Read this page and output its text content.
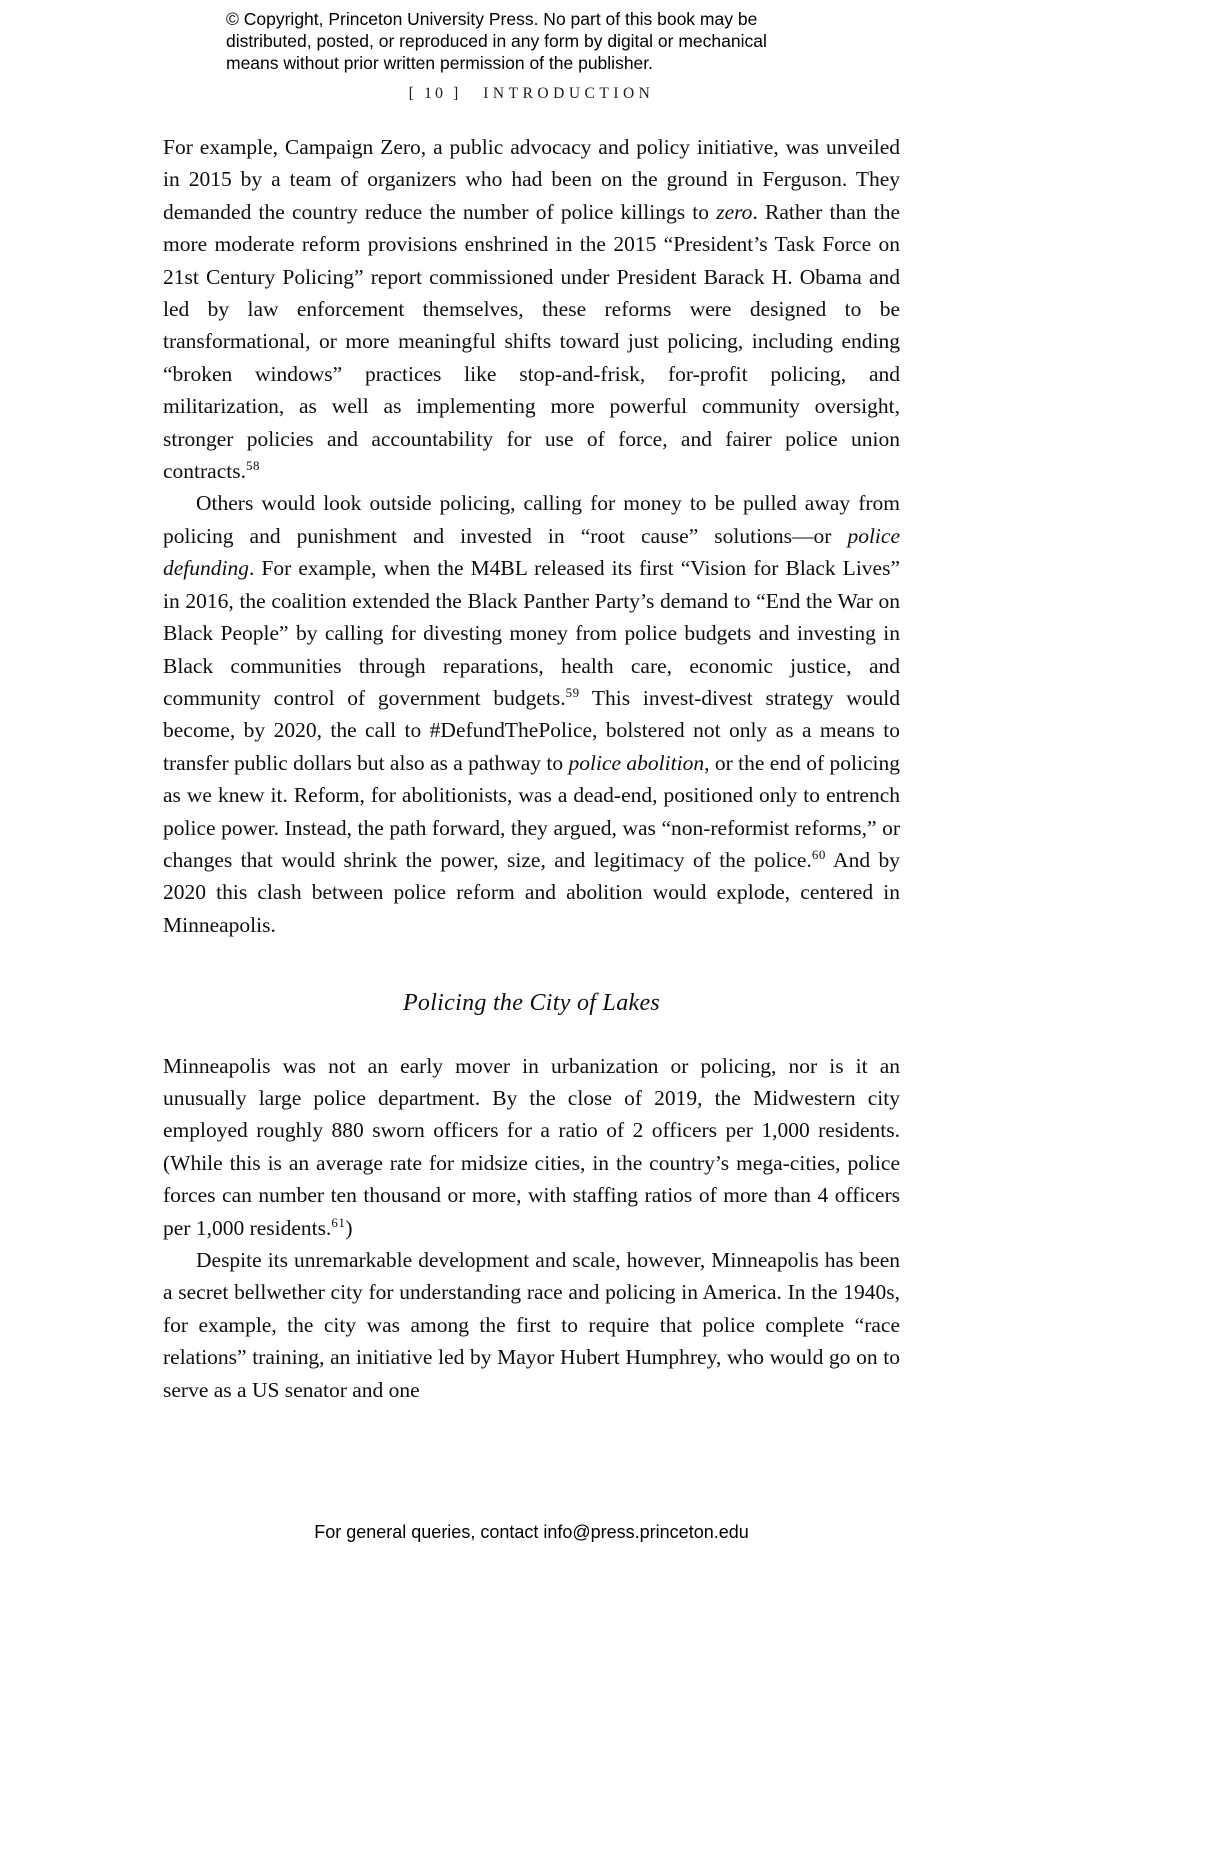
© Copyright, Princeton University Press. No part of this book may be
distributed, posted, or reproduced in any form by digital or mechanical
means without prior written permission of the publisher.
[ 10 ] INTRODUCTION

For example, Campaign Zero, a public advocacy and policy initiative, was unveiled in 2015 by a team of organizers who had been on the ground in Ferguson. They demanded the country reduce the number of police killings to zero. Rather than the more moderate reform provisions enshrined in the 2015 “President’s Task Force on 21st Century Policing” report commissioned under President Barack H. Obama and led by law enforcement themselves, these reforms were designed to be transformational, or more meaningful shifts toward just policing, including ending “broken windows” practices like stop-and-frisk, for-profit policing, and militarization, as well as implementing more powerful community oversight, stronger policies and accountability for use of force, and fairer police union contracts.$^{58}$

Others would look outside policing, calling for money to be pulled away from policing and punishment and invested in “root cause” solutions—or police defunding. For example, when the M4BL released its first “Vision for Black Lives” in 2016, the coalition extended the Black Panther Party’s demand to “End the War on Black People” by calling for divesting money from police budgets and investing in Black communities through reparations, health care, economic justice, and community control of government budgets.$^{59}$ This invest-divest strategy would become, by 2020, the call to #DefundThePolice, bolstered not only as a means to transfer public dollars but also as a pathway to police abolition, or the end of policing as we knew it. Reform, for abolitionists, was a dead-end, positioned only to entrench police power. Instead, the path forward, they argued, was “non-reformist reforms,” or changes that would shrink the power, size, and legitimacy of the police.$^{60}$ And by 2020 this clash between police reform and abolition would explode, centered in Minneapolis.

Policing the City of Lakes

Minneapolis was not an early mover in urbanization or policing, nor is it an unusually large police department. By the close of 2019, the Midwestern city employed roughly 880 sworn officers for a ratio of 2 officers per 1,000 residents. (While this is an average rate for midsize cities, in the country’s mega-cities, police forces can number ten thousand or more, with staffing ratios of more than 4 officers per 1,000 residents.$^{61}$)

Despite its unremarkable development and scale, however, Minneapolis has been a secret bellwether city for understanding race and policing in America. In the 1940s, for example, the city was among the first to require that police complete “race relations” training, an initiative led by Mayor Hubert Humphrey, who would go on to serve as a US senator and one

For general queries, contact info@press.princeton.edu
